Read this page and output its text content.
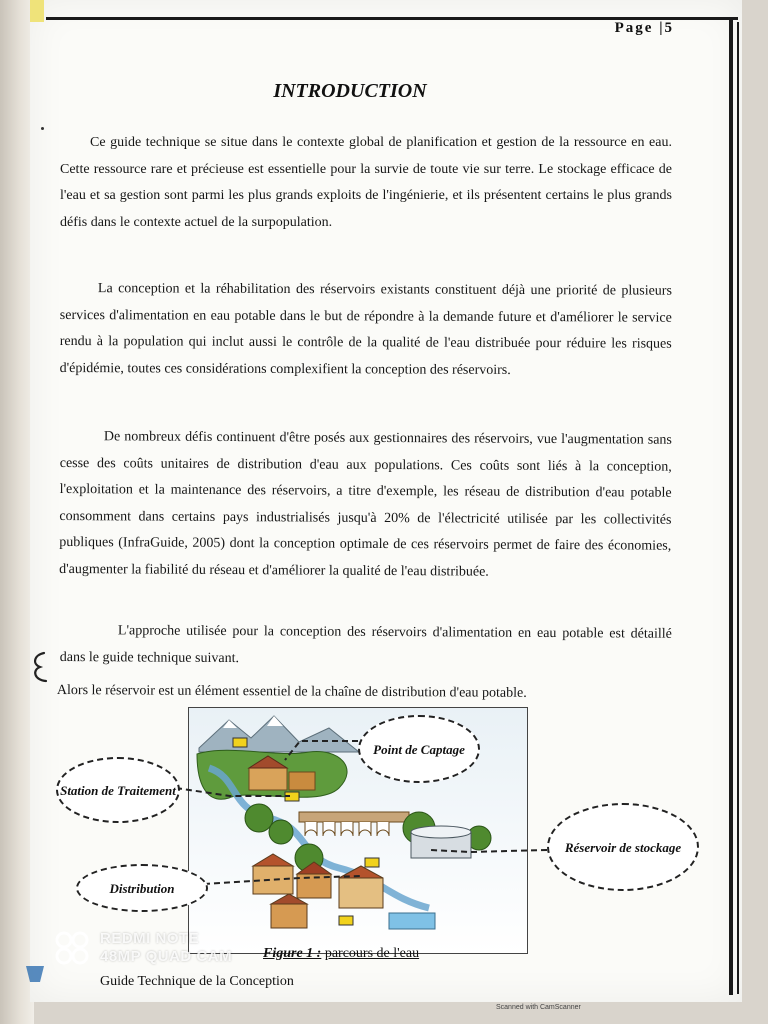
Page |5
INTRODUCTION

Ce guide technique se situe dans le contexte global de planification et gestion de la ressource en eau. Cette ressource rare et précieuse est essentielle pour la survie de toute vie sur terre. Le stockage efficace de l'eau et sa gestion sont parmi les plus grands exploits de l'ingénierie, et ils présentent certains le plus grands défis dans le contexte actuel de la surpopulation.

La conception et la réhabilitation des réservoirs existants constituent déjà une priorité de plusieurs services d'alimentation en eau potable dans le but de répondre à la demande future et d'améliorer le service rendu à la population qui inclut aussi le contrôle de la qualité de l'eau distribuée pour réduire les risques d'épidémie, toutes ces considérations complexifient la conception des réservoirs.

De nombreux défis continuent d'être posés aux gestionnaires des réservoirs, vue l'augmentation sans cesse des coûts unitaires de distribution d'eau aux populations. Ces coûts sont liés à la conception, l'exploitation et la maintenance des réservoirs, a titre d'exemple, les réseau de distribution d'eau potable consomment dans certains pays industrialisés jusqu'à 20% de l'électricité utilisée par les collectivités publiques (InfraGuide, 2005) dont la conception optimale de ces réservoirs permet de faire des économies, d'augmenter la fiabilité du réseau et d'améliorer la qualité de l'eau distribuée.

L'approche utilisée pour la conception des réservoirs d'alimentation en eau potable est détaillé dans le guide technique suivant.

Alors le réservoir est un élément essentiel de la chaîne de distribution d'eau potable.

Point de Captage
Station de Traitement
Réservoir de stockage
Distribution
Figure 1 : parcours de l'eau
REDMI NOTE
48MP QUAD CAM
Guide Technique de la Conception
Scanned with CamScanner
